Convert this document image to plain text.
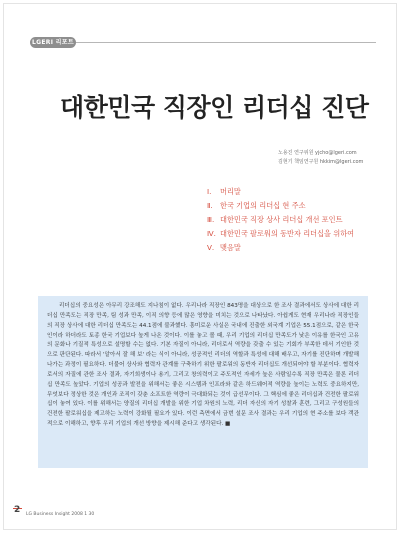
LGERI 리포트
대한민국 직장인 리더십 진단
노용진 연구위원 yjcho@lgeri.com
김현기 책임연구원 hkkim@lgeri.com
Ⅰ.	머리말
Ⅱ. 한국 기업의 리더십 현 주소
Ⅲ. 대한민국 직장 상사 리더십 개선 포인트
Ⅳ. 대한민국 팔로워의 동반자 리더십을 위하여
Ⅴ. 맺음말

리더십의 중요성은 아무리 강조해도 지나침이 없다. 우리나라 직장인 843명을 대상으로 한 조사 결과에서도 상사에 대한 리더십 만족도는 직장 만족, 팀 성과 만족, 이직 의향 등에 많은 영향을 미치는 것으로 나타났다. 아쉽게도 현재 우리나라 직장인들의 직장 상사에 대한 리더십 만족도는 44.1점에 불과했다. 흥미로운 사실은 국내에 진출한 외국계 기업은 55.1점으로, 같은 한국인이라 하더라도 토종 한국 기업보다 높게 나온 것이다. 이를 놓고 볼 때, 우리 기업의 리더십 만족도가 낮은 이유를 한국인 고유의 문화나 기질적 특성으로 설명할 수는 없다. 기본 자질이 아니라, 리더로서 역량을 갖출 수 있는 기회가 부족한 데서 기인한 것으로 판단된다. 따라서 '알아서 잘 해 보' 라는 식이 아니라, 성공적인 리더의 역할과 특성에 대해 배우고, 자기를 진단하며 개발해 나가는 과정이 필요하다. 더불어 상사와 협력자 관계를 구축하기 위한 팔로워의 동반자 리더십도 개선되어야 할 부분이다. 협력자로서의 자질에 관한 조사 결과, 자기희생이나 용기, 그리고 창의력이고 주도적인 자세가 높은 사람일수록 직장 만족은 물론 리더십 만족도 높았다. 기업의 성공과 발전을 위해서는 좋은 시스템과 인프라와 같은 하드웨어적 역량을 높이는 노력도 중요하지만, 무엇보다 정상한 것은 개인과 조직이 갖춘 소프트한 역량이 극대화되는 것이 급선무이다. 그 핵심에 좋은 리더십과 건전한 팔로워십이 놓여 있다. 이를 위해서는 양질의 리더십 개발을 위한 기업 차원의 노력, 리더 자신의 자기 성찰과 훈련, 그리고 구성원들의 건전한 팔로워십을 제고하는 노력이 강화될 필요가 있다. 이런 측면에서 금번 설문 조사 결과는 우리 기업의 현 주소를 보다 객관적으로 이해하고, 향후 우리 기업의 개선 방향을 제시해 준다고 생각된다. ■

2 LG Business Insight 2008 1 30
